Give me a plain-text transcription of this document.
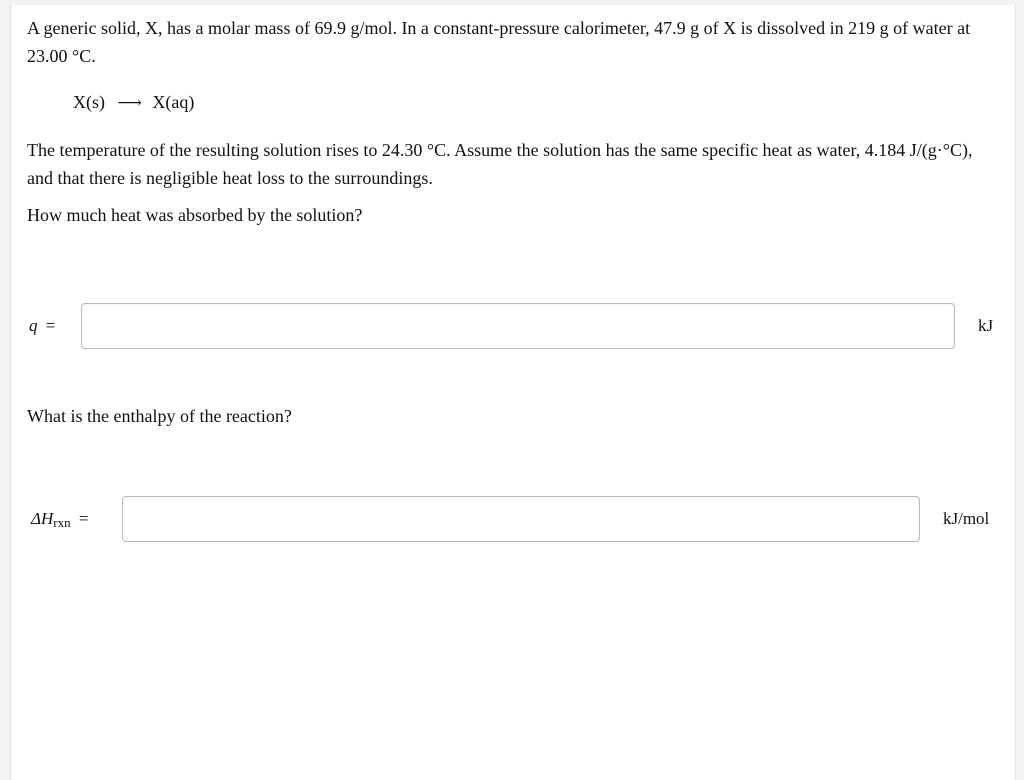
A generic solid, X, has a molar mass of 69.9 g/mol. In a constant-pressure calorimeter, 47.9 g of X is dissolved in 219 g of water at 23.00 °C.

X(s) ⟶ X(aq)

The temperature of the resulting solution rises to 24.30 °C. Assume the solution has the same specific heat as water, 4.184 J/(g·°C), and that there is negligible heat loss to the surroundings.

How much heat was absorbed by the solution?

q =	kJ

What is the enthalpy of the reaction?

$\Delta H_{rxn}$ =	kJ/mol
